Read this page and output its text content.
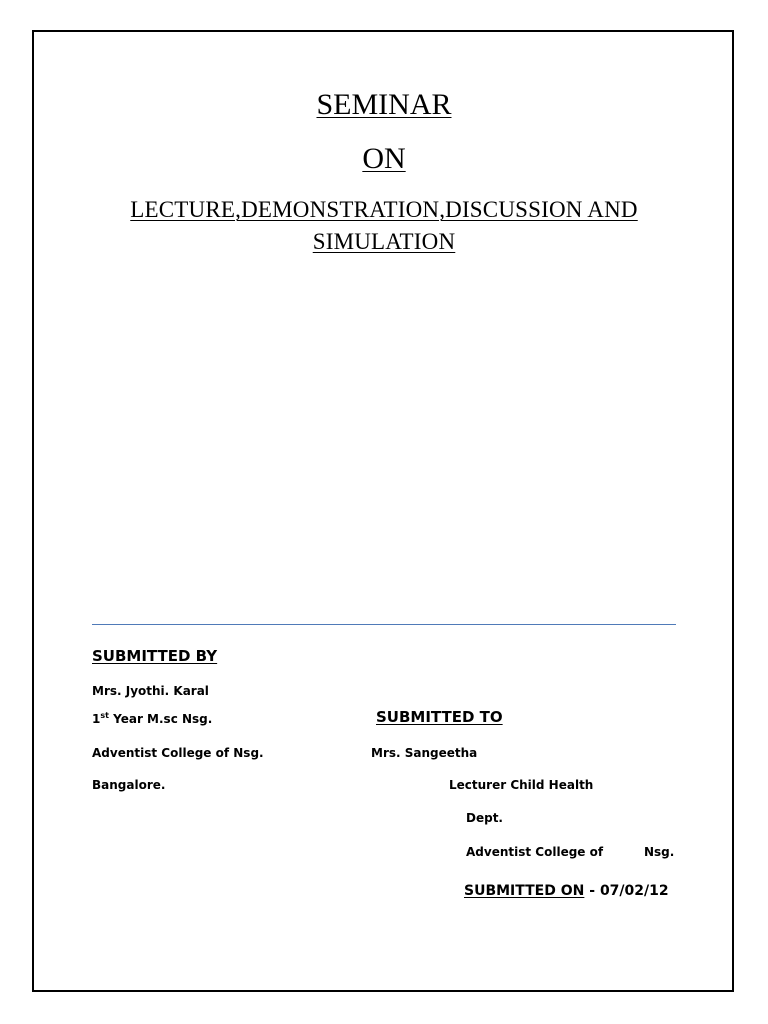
SEMINAR
ON
LECTURE,DEMONSTRATION,DISCUSSION AND
SIMULATION
SUBMITTED BY
Mrs. Jyothi. Karal
1st Year M.sc Nsg.
Adventist College of Nsg.
Bangalore.
SUBMITTED TO
Mrs. Sangeetha
Lecturer Child Health
Dept.
Adventist College of	Nsg.
SUBMITTED ON - 07/02/12
